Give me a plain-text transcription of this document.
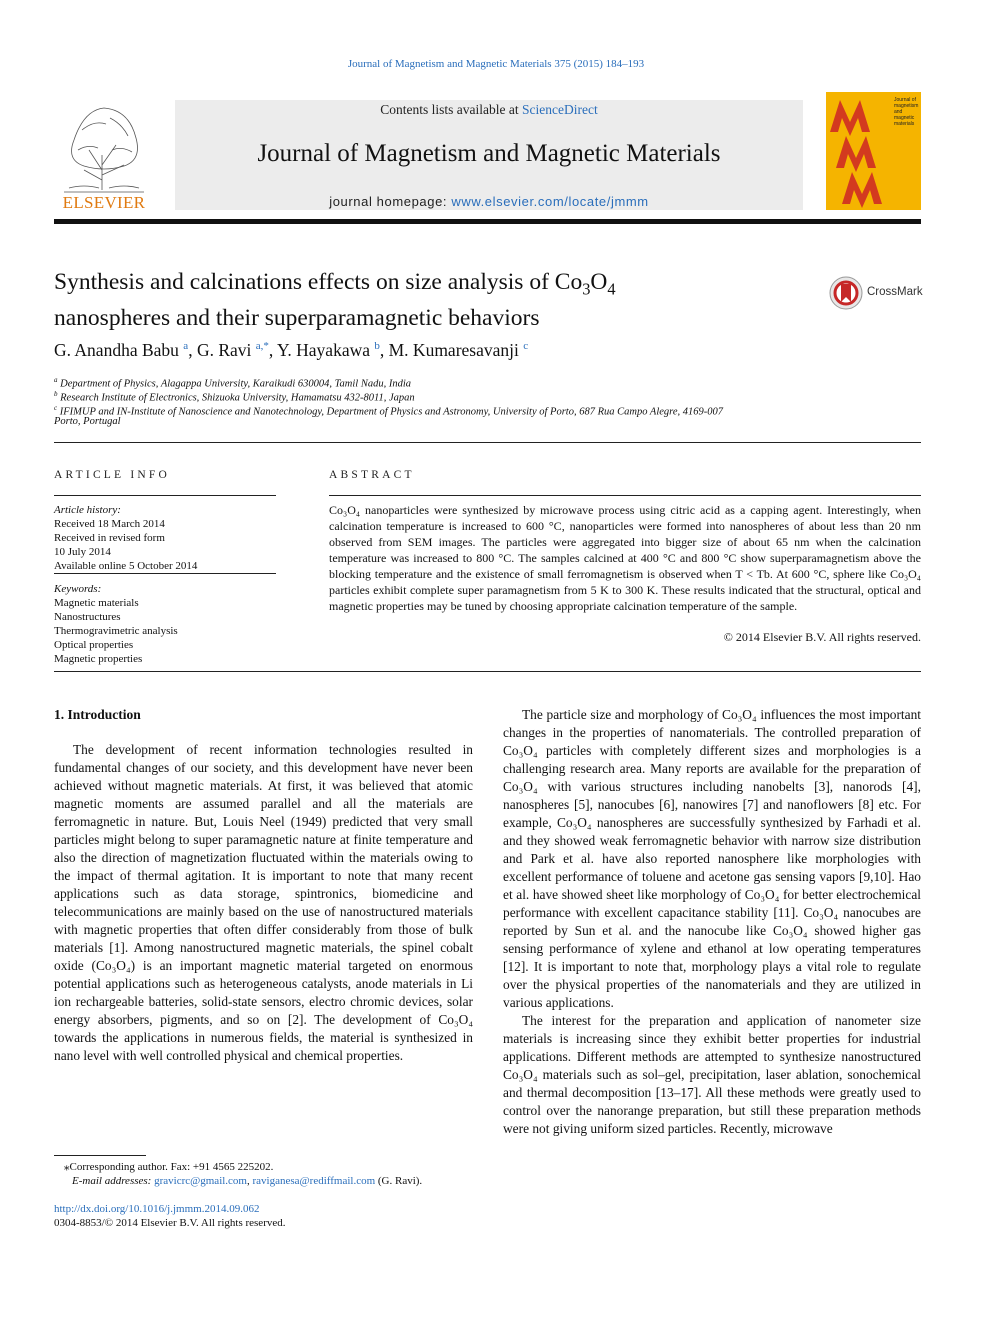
Journal of Magnetism and Magnetic Materials 375 (2015) 184–193
ELSEVIER
Contents lists available at ScienceDirect
Journal of Magnetism and Magnetic Materials
journal homepage: www.elsevier.com/locate/jmmm
Journal of magnetism and magnetic materials
Synthesis and calcinations effects on size analysis of $Co_3O_4$
nanospheres and their superparamagnetic behaviors
CrossMark
G. Anandha Babu $^a$, G. Ravi $^{a,*}$, Y. Hayakawa $^b$, M. Kumaresavanji $^c$
$^a$ Department of Physics, Alagappa University, Karaikudi 630004, Tamil Nadu, India
$^b$ Research Institute of Electronics, Shizuoka University, Hamamatsu 432-8011, Japan
$^c$ IFIMUP and IN-Institute of Nanoscience and Nanotechnology, Department of Physics and Astronomy, University of Porto, 687 Rua Campo Alegre, 4169-007
Porto, Portugal
ARTICLE INFO
Article history:
Received 18 March 2014
Received in revised form
10 July 2014
Available online 5 October 2014
Keywords:
Magnetic materials
Nanostructures
Thermogravimetric analysis
Optical properties
Magnetic properties
ABSTRACT
Co₃O₄ nanoparticles were synthesized by microwave process using citric acid as a capping agent. Interestingly, when calcination temperature is increased to 600 °C, nanoparticles were formed into nanospheres of about less than 20 nm observed from SEM images. The particles were aggregated into bigger size of about 65 nm when the calcination temperature was increased to 800 °C. The samples calcined at 400 °C and 800 °C show superparamagnetism above the blocking temperature and the existence of small ferromagnetism is observed when T < Tb. At 600 °C, sphere like Co₃O₄ particles exhibit complete super paramagnetism from 5 K to 300 K. These results indicated that the structural, optical and magnetic properties may be tuned by choosing appropriate calcination temperature of the sample.
© 2014 Elsevier B.V. All rights reserved.
1. Introduction

The development of recent information technologies resulted in fundamental changes of our society, and this development have never been achieved without magnetic materials. At first, it was believed that atomic magnetic moments are assumed parallel and all the materials are ferromagnetic in nature. But, Louis Neel (1949) predicted that very small particles might belong to super paramagnetic nature at finite temperature and also the direction of magnetization fluctuated within the materials owing to the impact of thermal agitation. It is important to note that many recent applications such as data storage, spintronics, biomedicine and telecommunications are mainly based on the use of nanostructured materials with magnetic properties that often differ considerably from those of bulk materials [1]. Among nanostructured magnetic materials, the spinel cobalt oxide (Co₃O₄) is an important magnetic material targeted on enormous potential applications such as heterogeneous catalysts, anode materials in Li ion rechargeable batteries, solid-state sensors, electro chromic devices, solar energy absorbers, pigments, and so on [2]. The development of Co₃O₄ towards the applications in numerous fields, the material is synthesized in nano level with well controlled physical and chemical properties.

The particle size and morphology of Co₃O₄ influences the most important changes in the properties of nanomaterials. The controlled preparation of Co₃O₄ particles with completely different sizes and morphologies is a challenging research area. Many reports are available for the preparation of Co₃O₄ with various structures including nanobelts [3], nanorods [4], nanospheres [5], nanocubes [6], nanowires [7] and nanoflowers [8] etc. For example, Co₃O₄ nanospheres are successfully synthesized by Farhadi et al. and they showed weak ferromagnetic behavior with narrow size distribution and Park et al. have also reported nanosphere like morphologies with excellent performance of toluene and acetone gas sensing vapors [9,10]. Hao et al. have showed sheet like morphology of Co₃O₄ for better electrochemical performance with excellent capacitance stability [11]. Co₃O₄ nanocubes are reported by Sun et al. and the nanocube like Co₃O₄ showed higher gas sensing performance of xylene and ethanol at low operating temperatures [12]. It is important to note that, morphology plays a vital role to regulate over the physical properties of the nanomaterials and they are utilized in various applications.

The interest for the preparation and application of nanometer size materials is increasing since they exhibit better properties for industrial applications. Different methods are attempted to synthesize nanostructured Co₃O₄ materials such as sol–gel, precipitation, laser ablation, sonochemical and thermal decomposition [13–17]. All these methods were greatly used to control over the nanorange preparation, but still these preparation methods were not giving uniform sized particles. Recently, microwave

⁎Corresponding author. Fax: +91 4565 225202.
E-mail addresses: gravicrc@gmail.com, raviganesa@rediffmail.com (G. Ravi).
http://dx.doi.org/10.1016/j.jmmm.2014.09.062
0304-8853/© 2014 Elsevier B.V. All rights reserved.
